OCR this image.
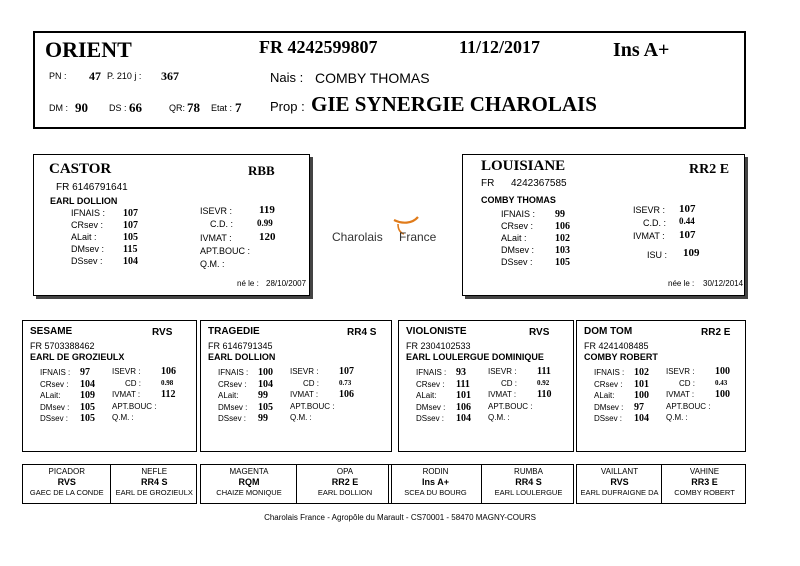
ORIENT	FR 4242599807	11/12/2017	Ins A+
PN : 47 P. 210 j : 367	Nais : COMBY THOMAS
DM : 90 DS : 66	QR: 78 Etat : 7 Prop : GIE SYNERGIE CHAROLAIS
CASTOR	RBB
FR 6146791641
EARL DOLLION
IFNAIS : 107
CRsev : 107
ALait :	105
DMsev : 115
DSsev : 104
ISEVR : 119
C.D. :	0.99
IVMAT : 120
APT.BOUC :
Q.M. :
né le : 28/10/2007
Charolais France
LOUISIANE	RR2 E
FR 4242367585
COMBY THOMAS
IFNAIS : 99
CRsev : 106
ALait :	102
DMsev : 103
DSsev : 105
ISEVR : 107
C.D. : 0.44
IVMAT : 107
ISU : 109
née le : 30/12/2014
SESAME	RVS
FR 5703388462
EARL DE GROZIEULX
IFNAIS : 97
CRsev : 104
ALait: 109
DMsev : 105
DSsev : 105
ISEVR : 106
CD :	0.98
IVMAT : 112
APT.BOUC :
Q.M. :
TRAGEDIE	RR4 S
FR 6146791345
EARL DOLLION
IFNAIS : 100
CRsev : 104
ALait: 99
DMsev : 105
DSsev : 99
ISEVR : 107
CD :	0.73
IVMAT : 106
APT.BOUC :
Q.M. :
VIOLONISTE	RVS
FR 2304102533
EARL LOULERGUE DOMINIQUE
IFNAIS : 93
CRsev : 111
ALait: 101
DMsev : 106
DSsev : 104
ISEVR : 111
CD :	0.92
IVMAT : 110
APT.BOUC :
Q.M. :
DOM TOM	RR2 E
FR 4241408485
COMBY ROBERT
IFNAIS : 102
CRsev : 101
ALait: 100
DMsev : 97
DSsev : 104
ISEVR : 100
CD :	0.43
IVMAT : 100
APT.BOUC :
Q.M. :
PICADOR
RVS
GAEC DE LA CONDE
NEFLE
RR4 S
EARL DE GROZIEULX
MAGENTA
RQM
CHAIZE MONIQUE
OPA
RR2 E
EARL DOLLION
RODIN
Ins A+
SCEA DU BOURG
RUMBA
RR4 S
EARL LOULERGUE
VAILLANT
RVS
EARL DUFRAIGNE DA
VAHINE
RR3 E
COMBY ROBERT
Charolais France - Agropôle du Marault - CS70001 - 58470 MAGNY-COURS
